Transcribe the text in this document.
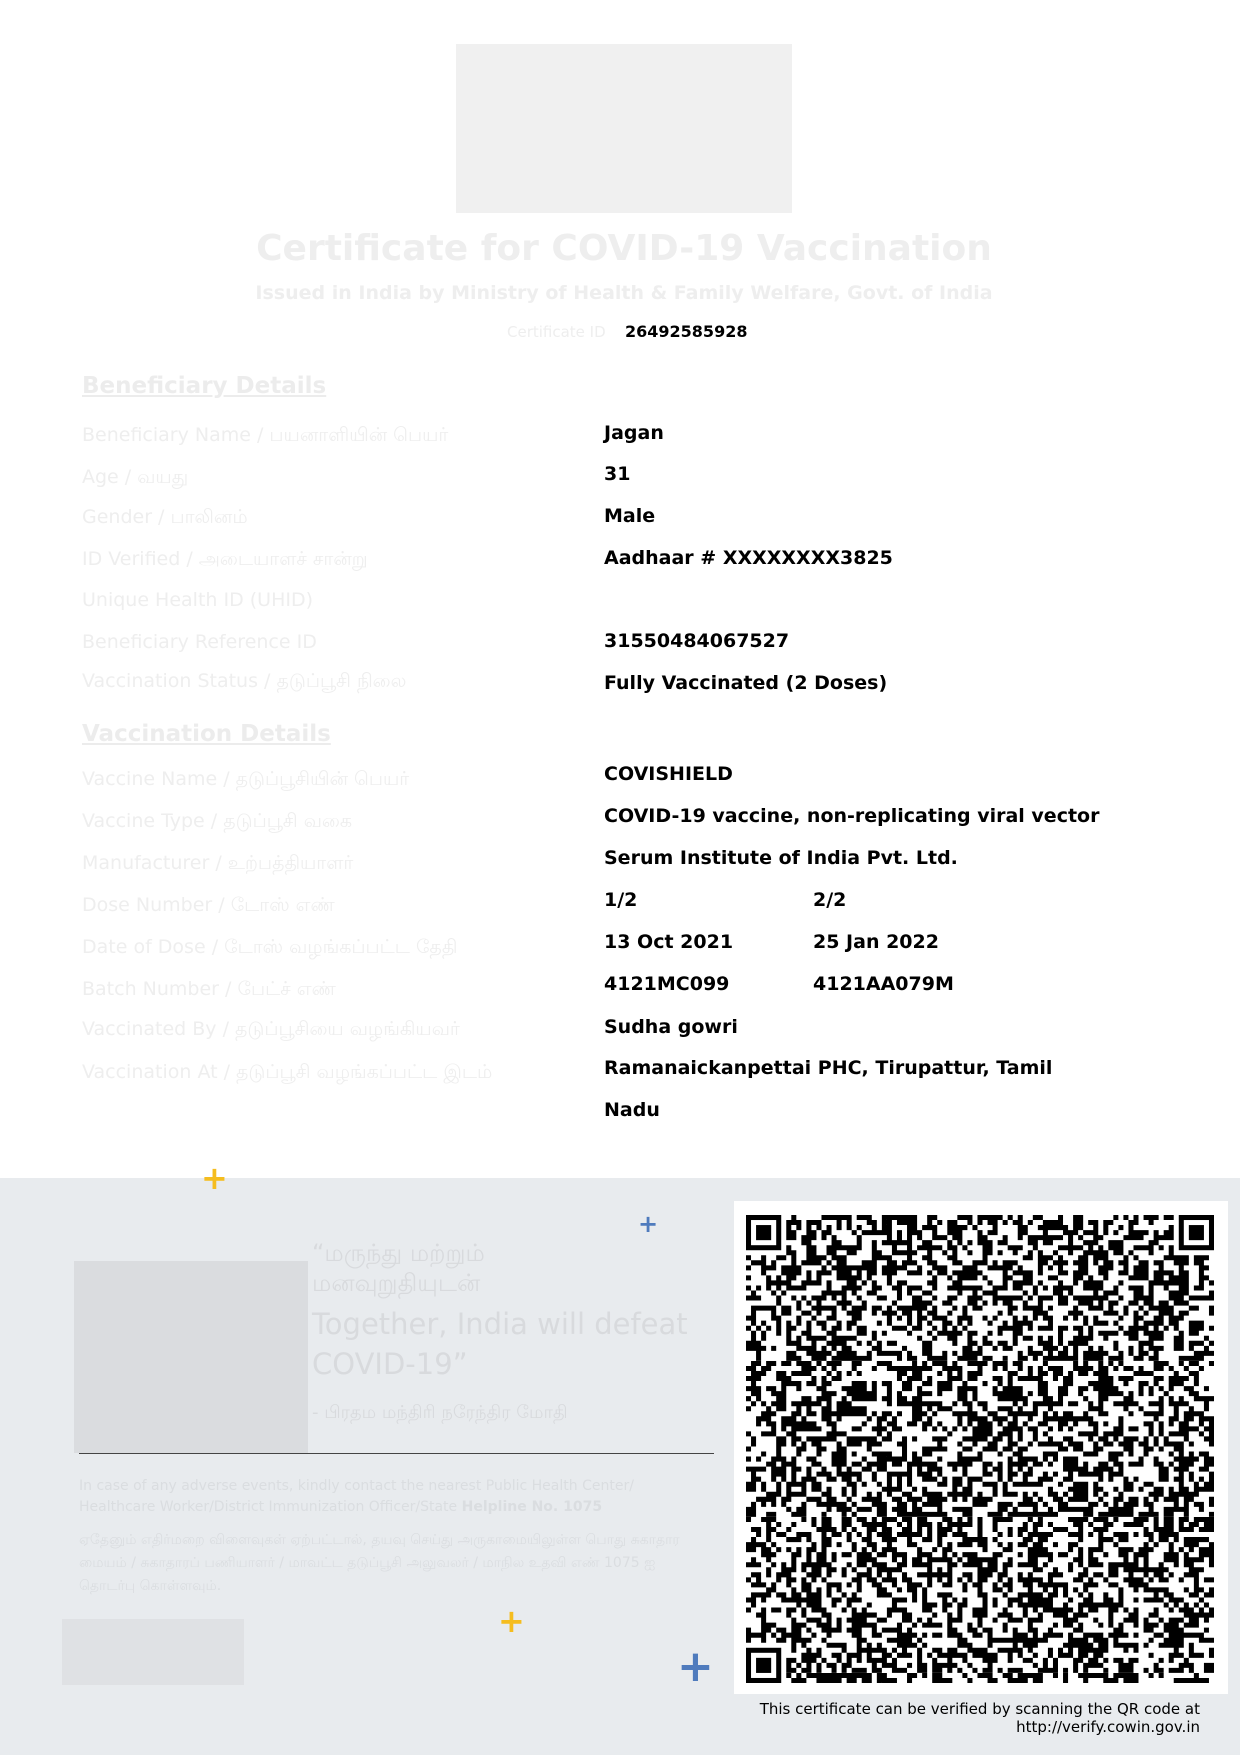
Certificate for COVID-19 Vaccination
Issued in India by Ministry of Health & Family Welfare, Govt. of India
Certificate ID 26492585928
Beneficiary Details
Beneficiary Name / பயனாளியின் பெயர்	Jagan
Age / வயது	31
Gender / பாலினம்	Male
ID Verified / அடையாளச் சான்று	Aadhaar # XXXXXXXX3825
Unique Health ID (UHID)
Beneficiary Reference ID	31550484067527
Vaccination Status / தடுப்பூசி நிலை	Fully Vaccinated (2 Doses)
Vaccination Details
Vaccine Name / தடுப்பூசியின் பெயர்	COVISHIELD
Vaccine Type / தடுப்பூசி வகை	COVID-19 vaccine, non-replicating viral vector
Manufacturer / உற்பத்தியாளர்	Serum Institute of India Pvt. Ltd.
Dose Number / டோஸ் எண்	1/2	2/2
Date of Dose / டோஸ் வழங்கப்பட்ட தேதி	13 Oct 2021	25 Jan 2022
Batch Number / பேட்ச் எண்	4121MC099	4121AA079M
Vaccinated By / தடுப்பூசியை வழங்கியவர்	Sudha gowri
Vaccination At / தடுப்பூசி வழங்கப்பட்ட இடம்	Ramanaickanpettai PHC, Tirupattur, Tamil
Nadu
+
+
+
+
“மருந்து மற்றும்
மனவுறுதியுடன்
Together, India will defeat
COVID-19”
- பிரதம மந்திரி நரேந்திர மோதி
In case of any adverse events, kindly contact the nearest Public Health Center/ Healthcare Worker/District Immunization Officer/State Helpline No. 1075
ஏதேனும் எதிர்மறை விளைவுகள் ஏற்பட்டால், தயவு செய்து அருகாமையிலுள்ள பொது சுகாதார மையம் / சுகாதாரப் பணியாளர் / மாவட்ட தடுப்பூசி அலுவலர் / மாநில உதவி எண் 1075 ஐ தொடர்பு கொள்ளவும்.
This certificate can be verified by scanning the QR code at
http://verify.cowin.gov.in
